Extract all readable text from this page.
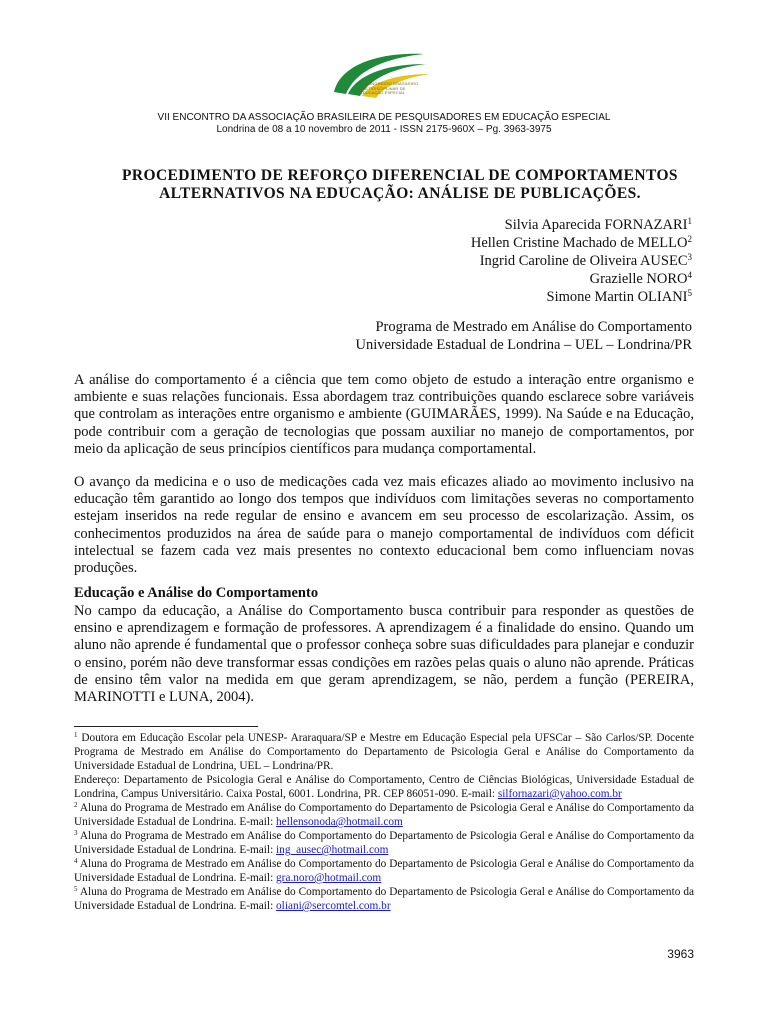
VI CONGRESSO BRASILEIRO
MULTIDISCIPLINAR DE
EDUCAÇÃO ESPECIAL
VII ENCONTRO DA ASSOCIAÇÃO BRASILEIRA DE PESQUISADORES EM EDUCAÇÃO ESPECIAL
Londrina de 08 a 10 novembro de 2011 - ISSN 2175-960X – Pg. 3963-3975
PROCEDIMENTO DE REFORÇO DIFERENCIAL DE COMPORTAMENTOS
ALTERNATIVOS NA EDUCAÇÃO: ANÁLISE DE PUBLICAÇÕES.
Silvia Aparecida FORNAZARI$^1$
Hellen Cristine Machado de MELLO$^2$
Ingrid Caroline de Oliveira AUSEC$^3$
Grazielle NORO$^4$
Simone Martin OLIANI$^5$
Programa de Mestrado em Análise do Comportamento
Universidade Estadual de Londrina – UEL – Londrina/PR
A análise do comportamento é a ciência que tem como objeto de estudo a interação entre organismo e ambiente e suas relações funcionais. Essa abordagem traz contribuições quando esclarece sobre variáveis que controlam as interações entre organismo e ambiente (GUIMARÃES, 1999). Na Saúde e na Educação, pode contribuir com a geração de tecnologias que possam auxiliar no manejo de comportamentos, por meio da aplicação de seus princípios científicos para mudança comportamental.
O avanço da medicina e o uso de medicações cada vez mais eficazes aliado ao movimento inclusivo na educação têm garantido ao longo dos tempos que indivíduos com limitações severas no comportamento estejam inseridos na rede regular de ensino e avancem em seu processo de escolarização. Assim, os conhecimentos produzidos na área de saúde para o manejo comportamental de indivíduos com déficit intelectual se fazem cada vez mais presentes no contexto educacional bem como influenciam novas produções.
Educação e Análise do Comportamento
No campo da educação, a Análise do Comportamento busca contribuir para responder as questões de ensino e aprendizagem e formação de professores. A aprendizagem é a finalidade do ensino. Quando um aluno não aprende é fundamental que o professor conheça sobre suas dificuldades para planejar e conduzir o ensino, porém não deve transformar essas condições em razões pelas quais o aluno não aprende. Práticas de ensino têm valor na medida em que geram aprendizagem, se não, perdem a função (PEREIRA, MARINOTTI e LUNA, 2004).

$^1$ Doutora em Educação Escolar pela UNESP- Araraquara/SP e Mestre em Educação Especial pela UFSCar – São Carlos/SP. Docente Programa de Mestrado em Análise do Comportamento do Departamento de Psicologia Geral e Análise do Comportamento da Universidade Estadual de Londrina, UEL – Londrina/PR.

Endereço: Departamento de Psicologia Geral e Análise do Comportamento, Centro de Ciências Biológicas, Universidade Estadual de Londrina, Campus Universitário. Caixa Postal, 6001. Londrina, PR. CEP 86051-090. E-mail: silfornazari@yahoo.com.br

$^2$ Aluna do Programa de Mestrado em Análise do Comportamento do Departamento de Psicologia Geral e Análise do Comportamento da Universidade Estadual de Londrina. E-mail: hellensonoda@hotmail.com

$^3$ Aluna do Programa de Mestrado em Análise do Comportamento do Departamento de Psicologia Geral e Análise do Comportamento da Universidade Estadual de Londrina. E-mail: ing_ausec@hotmail.com

$^4$ Aluna do Programa de Mestrado em Análise do Comportamento do Departamento de Psicologia Geral e Análise do Comportamento da Universidade Estadual de Londrina. E-mail: gra.noro@hotmail.com

$^5$ Aluna do Programa de Mestrado em Análise do Comportamento do Departamento de Psicologia Geral e Análise do Comportamento da Universidade Estadual de Londrina. E-mail: oliani@sercomtel.com.br

3963
